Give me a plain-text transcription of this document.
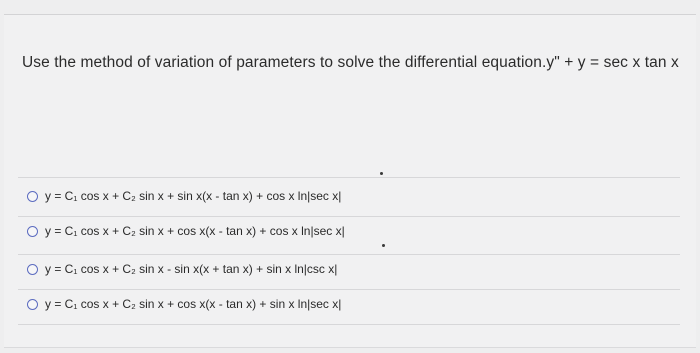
Use the method of variation of parameters to solve the differential equation.y" + y = sec x tan x
y = C₁ cos x + C₂ sin x + sin x(x - tan x) + cos x ln|sec x|
y = C₁ cos x + C₂ sin x + cos x(x - tan x) + cos x ln|sec x|
y = C₁ cos x + C₂ sin x - sin x(x + tan x) + sin x ln|csc x|
y = C₁ cos x + C₂ sin x + cos x(x - tan x) + sin x ln|sec x|
